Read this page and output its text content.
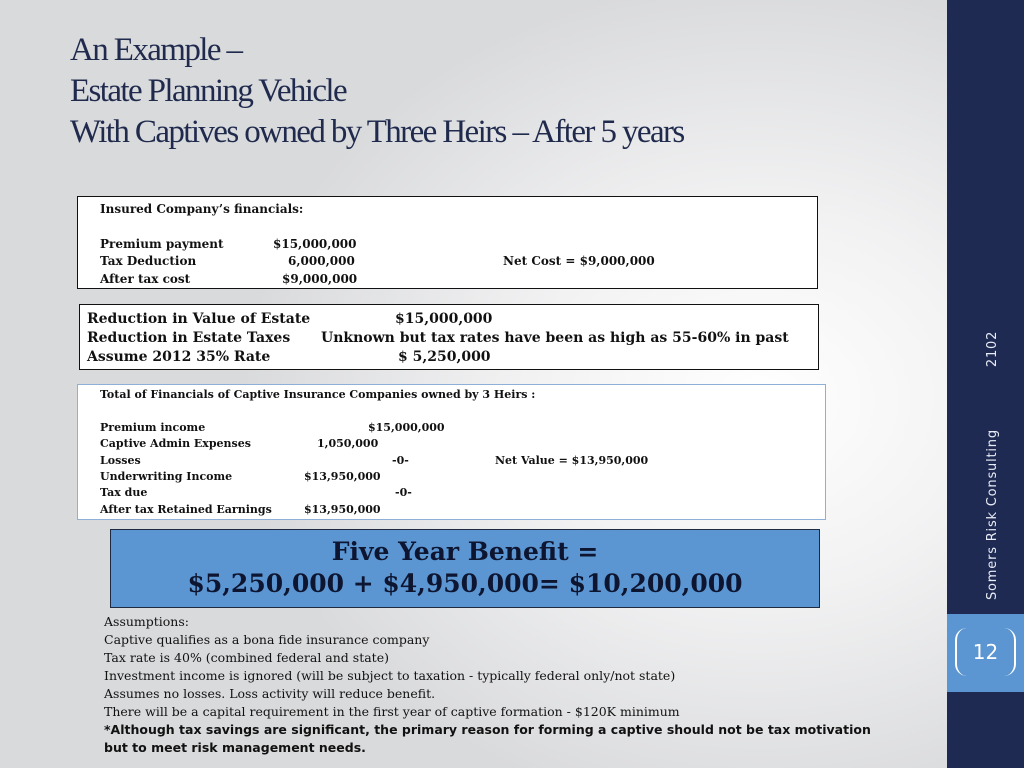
An Example –
Estate Planning Vehicle
With Captives owned by Three Heirs – After 5 years
Insured Company’s financials:
Premium payment	$15,000,000
Tax Deduction	6,000,000	Net Cost = $9,000,000
After tax cost	$9,000,000
Reduction in Value of Estate	$15,000,000
Reduction in Estate Taxes Unknown but tax rates have been as high as 55-60% in past
Assume 2012 35% Rate	$ 5,250,000
Total of Financials of Captive Insurance Companies owned by 3 Heirs :
Premium income	$15,000,000
Captive Admin Expenses	1,050,000
Losses	-0-	Net Value = $13,950,000
Underwriting Income	$13,950,000
Tax due	-0-
After tax Retained Earnings	$13,950,000
Five Year Benefit =
$5,250,000 + $4,950,000= $10,200,000
Assumptions:
Captive qualifies as a bona fide insurance company
Tax rate is 40% (combined federal and state)
Investment income is ignored (will be subject to taxation - typically federal only/not state)
Assumes no losses. Loss activity will reduce benefit.
There will be a capital requirement in the first year of captive formation - $120K minimum
*Although tax savings are significant, the primary reason for forming a captive should not be tax motivation but to meet risk management needs.
Somers Risk Consulting2102
12
